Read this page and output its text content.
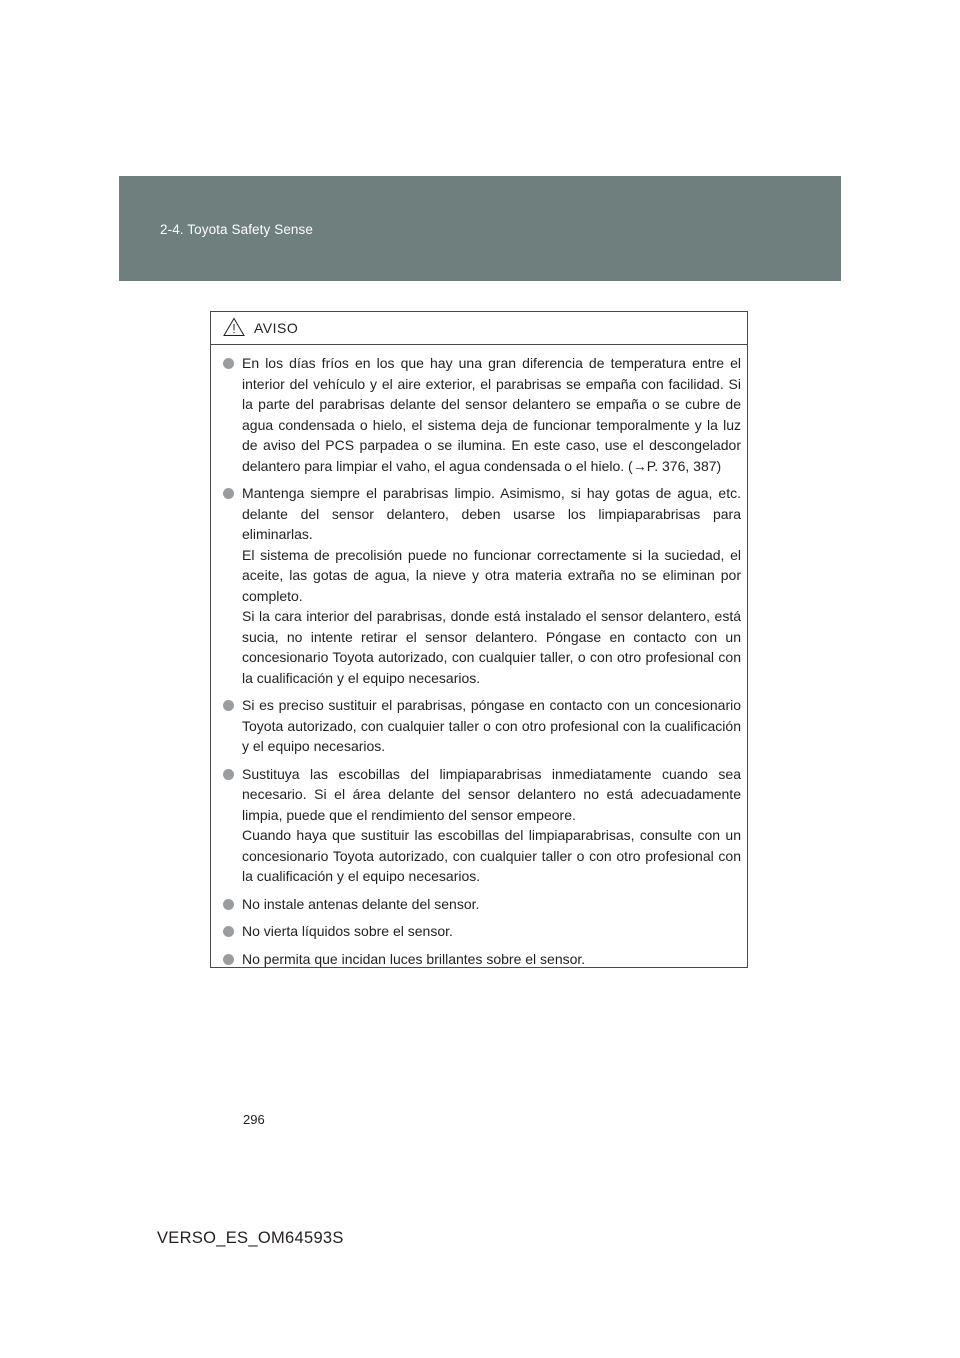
2-4. Toyota Safety Sense
AVISO

En los días fríos en los que hay una gran diferencia de temperatura entre el interior del vehículo y el aire exterior, el parabrisas se empaña con facilidad. Si la parte del parabrisas delante del sensor delantero se empaña o se cubre de agua condensada o hielo, el sistema deja de funcionar temporalmente y la luz de aviso del PCS parpadea o se ilumina. En este caso, use el descongelador delantero para limpiar el vaho, el agua condensada o el hielo. (→P. 376, 387)

Mantenga siempre el parabrisas limpio. Asimismo, si hay gotas de agua, etc. delante del sensor delantero, deben usarse los limpiaparabrisas para eliminarlas.

El sistema de precolisión puede no funcionar correctamente si la suciedad, el aceite, las gotas de agua, la nieve y otra materia extraña no se eliminan por completo.

Si la cara interior del parabrisas, donde está instalado el sensor delantero, está sucia, no intente retirar el sensor delantero. Póngase en contacto con un concesionario Toyota autorizado, con cualquier taller, o con otro profesional con la cualificación y el equipo necesarios.

Si es preciso sustituir el parabrisas, póngase en contacto con un concesionario Toyota autorizado, con cualquier taller o con otro profesional con la cualificación y el equipo necesarios.

Sustituya las escobillas del limpiaparabrisas inmediatamente cuando sea necesario. Si el área delante del sensor delantero no está adecuadamente limpia, puede que el rendimiento del sensor empeore.

Cuando haya que sustituir las escobillas del limpiaparabrisas, consulte con un concesionario Toyota autorizado, con cualquier taller o con otro profesional con la cualificación y el equipo necesarios.

No instale antenas delante del sensor.

No vierta líquidos sobre el sensor.

No permita que incidan luces brillantes sobre el sensor.

296
VERSO_ES_OM64593S
